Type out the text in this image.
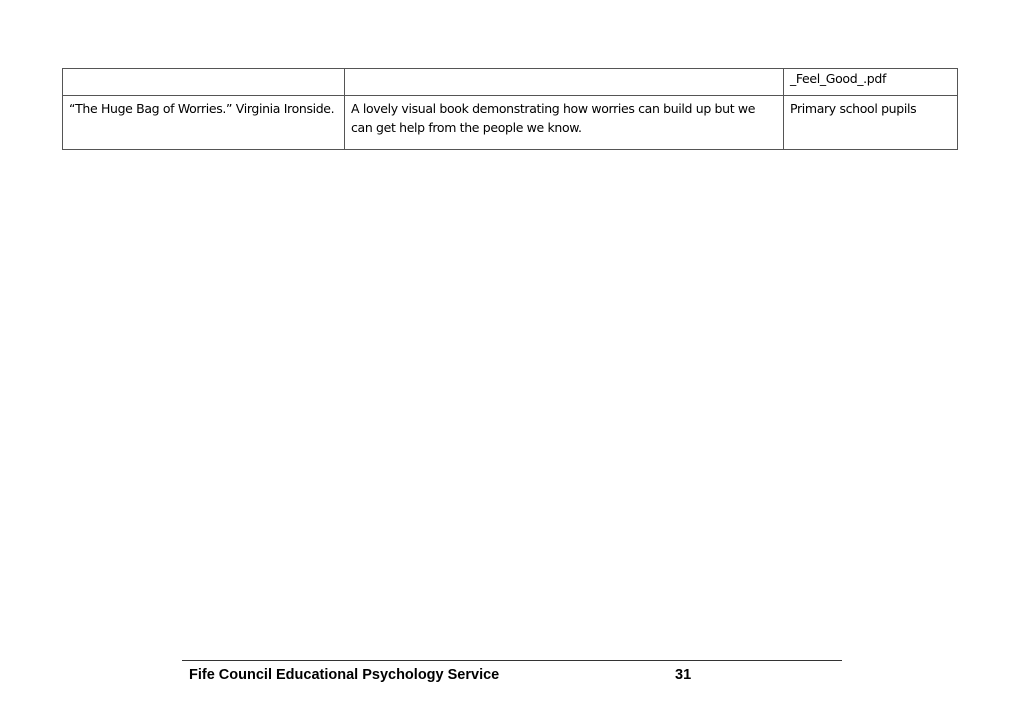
		_Feel_Good_.pdf
“The Huge Bag of Worries.” Virginia Ironside.	A lovely visual book demonstrating how worries can build up but we can get help from the people we know.	Primary school pupils
Fife Council Educational Psychology Service	31
